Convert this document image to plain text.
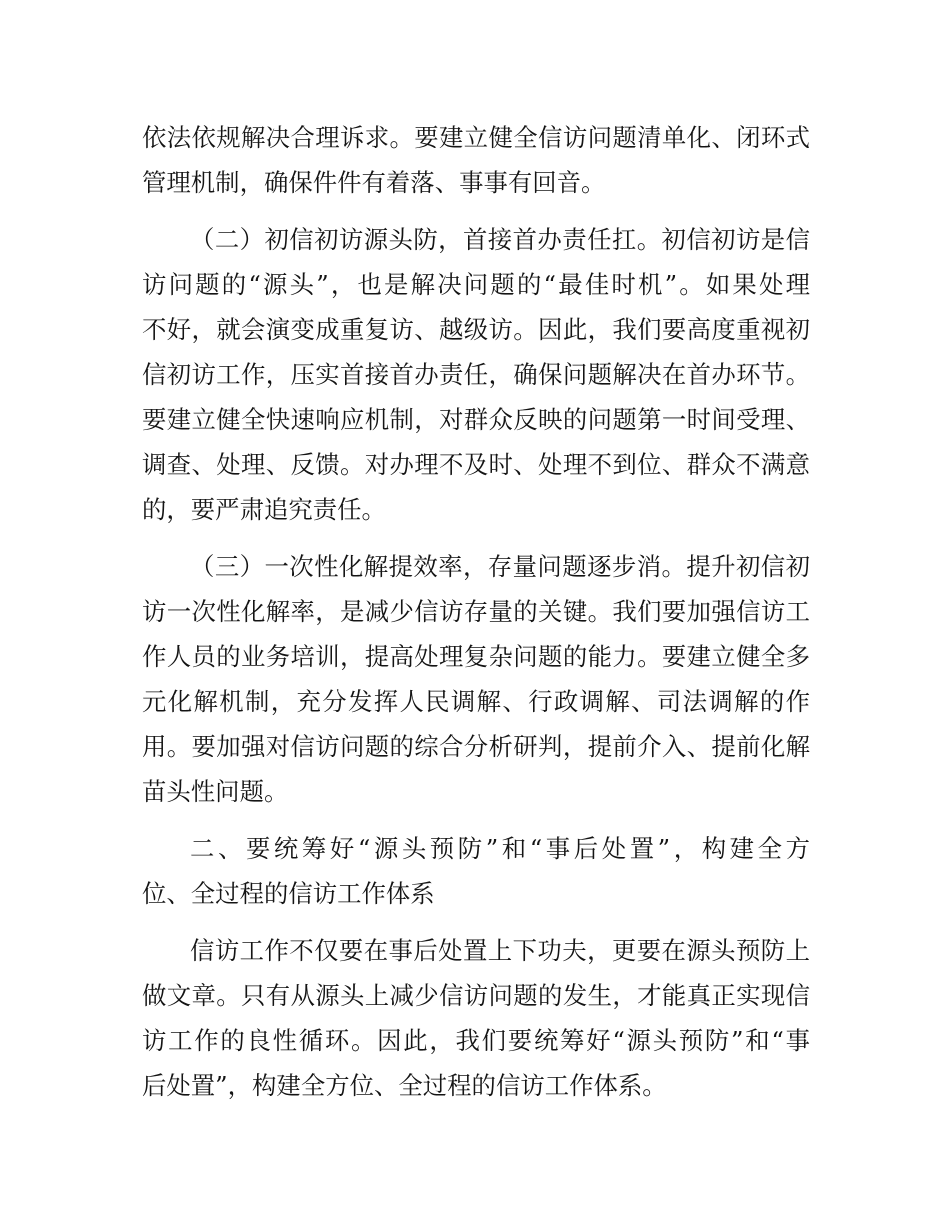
依法依规解决合理诉求。要建立健全信访问题清单化、闭环式
管理机制，确保件件有着落、事事有回音。
（二）初信初访源头防，首接首办责任扛。初信初访是信
访问题的“源头”，也是解决问题的“最佳时机”。如果处理
不好，就会演变成重复访、越级访。因此，我们要高度重视初
信初访工作，压实首接首办责任，确保问题解决在首办环节。
要建立健全快速响应机制，对群众反映的问题第一时间受理、
调查、处理、反馈。对办理不及时、处理不到位、群众不满意
的，要严肃追究责任。
（三）一次性化解提效率，存量问题逐步消。提升初信初
访一次性化解率，是减少信访存量的关键。我们要加强信访工
作人员的业务培训，提高处理复杂问题的能力。要建立健全多
元化解机制，充分发挥人民调解、行政调解、司法调解的作
用。要加强对信访问题的综合分析研判，提前介入、提前化解
苗头性问题。
二、要统筹好“源头预防”和“事后处置”，构建全方
位、全过程的信访工作体系
信访工作不仅要在事后处置上下功夫，更要在源头预防上
做文章。只有从源头上减少信访问题的发生，才能真正实现信
访工作的良性循环。因此，我们要统筹好“源头预防”和“事
后处置”，构建全方位、全过程的信访工作体系。
